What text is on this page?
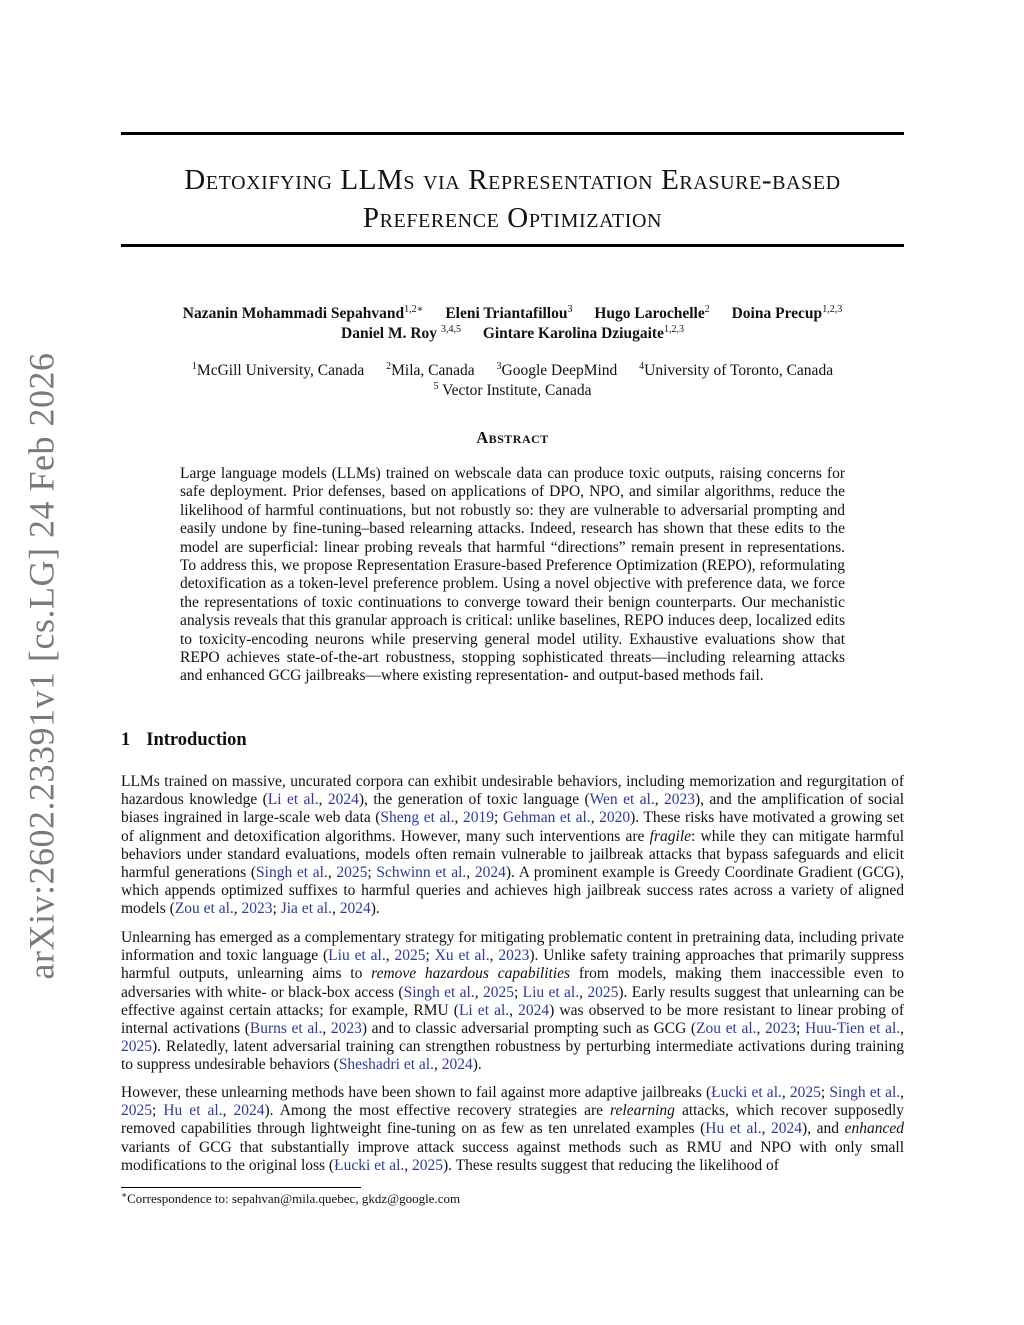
arXiv:2602.23391v1 [cs.LG] 24 Feb 2026
Detoxifying LLMs via Representation Erasure-based
Preference Optimization
Nazanin Mohammadi Sepahvand$^{1,2∗}$ Eleni Triantafillou$^3$ Hugo Larochelle$^2$ Doina Precup$^{1,2,3}$
Daniel M. Roy $^{3,4,5}$ Gintare Karolina Dziugaite$^{1,2,3}$
$^1$McGill University, Canada $^2$Mila, Canada $^3$Google DeepMind $^4$University of Toronto, Canada
$^5$ Vector Institute, Canada
Abstract

Large language models (LLMs) trained on webscale data can produce toxic outputs, raising concerns for safe deployment. Prior defenses, based on applications of DPO, NPO, and similar algorithms, reduce the likelihood of harmful continuations, but not robustly so: they are vulnerable to adversarial prompting and easily undone by fine-tuning–based relearning attacks. Indeed, research has shown that these edits to the model are superficial: linear probing reveals that harmful “directions” remain present in representations. To address this, we propose Representation Erasure-based Preference Optimization (REPO), reformulating detoxification as a token-level preference problem. Using a novel objective with preference data, we force the representations of toxic continuations to converge toward their benign counterparts. Our mechanistic analysis reveals that this granular approach is critical: unlike baselines, REPO induces deep, localized edits to toxicity-encoding neurons while preserving general model utility. Exhaustive evaluations show that REPO achieves state-of-the-art robustness, stopping sophisticated threats—including relearning attacks and enhanced GCG jailbreaks—where existing representation- and output-based methods fail.

1 Introduction

LLMs trained on massive, uncurated corpora can exhibit undesirable behaviors, including memorization and regurgitation of hazardous knowledge (Li et al., 2024), the generation of toxic language (Wen et al., 2023), and the amplification of social biases ingrained in large-scale web data (Sheng et al., 2019; Gehman et al., 2020). These risks have motivated a growing set of alignment and detoxification algorithms. However, many such interventions are fragile: while they can mitigate harmful behaviors under standard evaluations, models often remain vulnerable to jailbreak attacks that bypass safeguards and elicit harmful generations (Singh et al., 2025; Schwinn et al., 2024). A prominent example is Greedy Coordinate Gradient (GCG), which appends optimized suffixes to harmful queries and achieves high jailbreak success rates across a variety of aligned models (Zou et al., 2023; Jia et al., 2024).

Unlearning has emerged as a complementary strategy for mitigating problematic content in pretraining data, including private information and toxic language (Liu et al., 2025; Xu et al., 2023). Unlike safety training approaches that primarily suppress harmful outputs, unlearning aims to remove hazardous capabilities from models, making them inaccessible even to adversaries with white- or black-box access (Singh et al., 2025; Liu et al., 2025). Early results suggest that unlearning can be effective against certain attacks; for example, RMU (Li et al., 2024) was observed to be more resistant to linear probing of internal activations (Burns et al., 2023) and to classic adversarial prompting such as GCG (Zou et al., 2023; Huu-Tien et al., 2025). Relatedly, latent adversarial training can strengthen robustness by perturbing intermediate activations during training to suppress undesirable behaviors (Sheshadri et al., 2024).

However, these unlearning methods have been shown to fail against more adaptive jailbreaks (Łucki et al., 2025; Singh et al., 2025; Hu et al., 2024). Among the most effective recovery strategies are relearning attacks, which recover supposedly removed capabilities through lightweight fine-tuning on as few as ten unrelated examples (Hu et al., 2024), and enhanced variants of GCG that substantially improve attack success against methods such as RMU and NPO with only small modifications to the original loss (Łucki et al., 2025). These results suggest that reducing the likelihood of

∗Correspondence to: sepahvan@mila.quebec, gkdz@google.com
